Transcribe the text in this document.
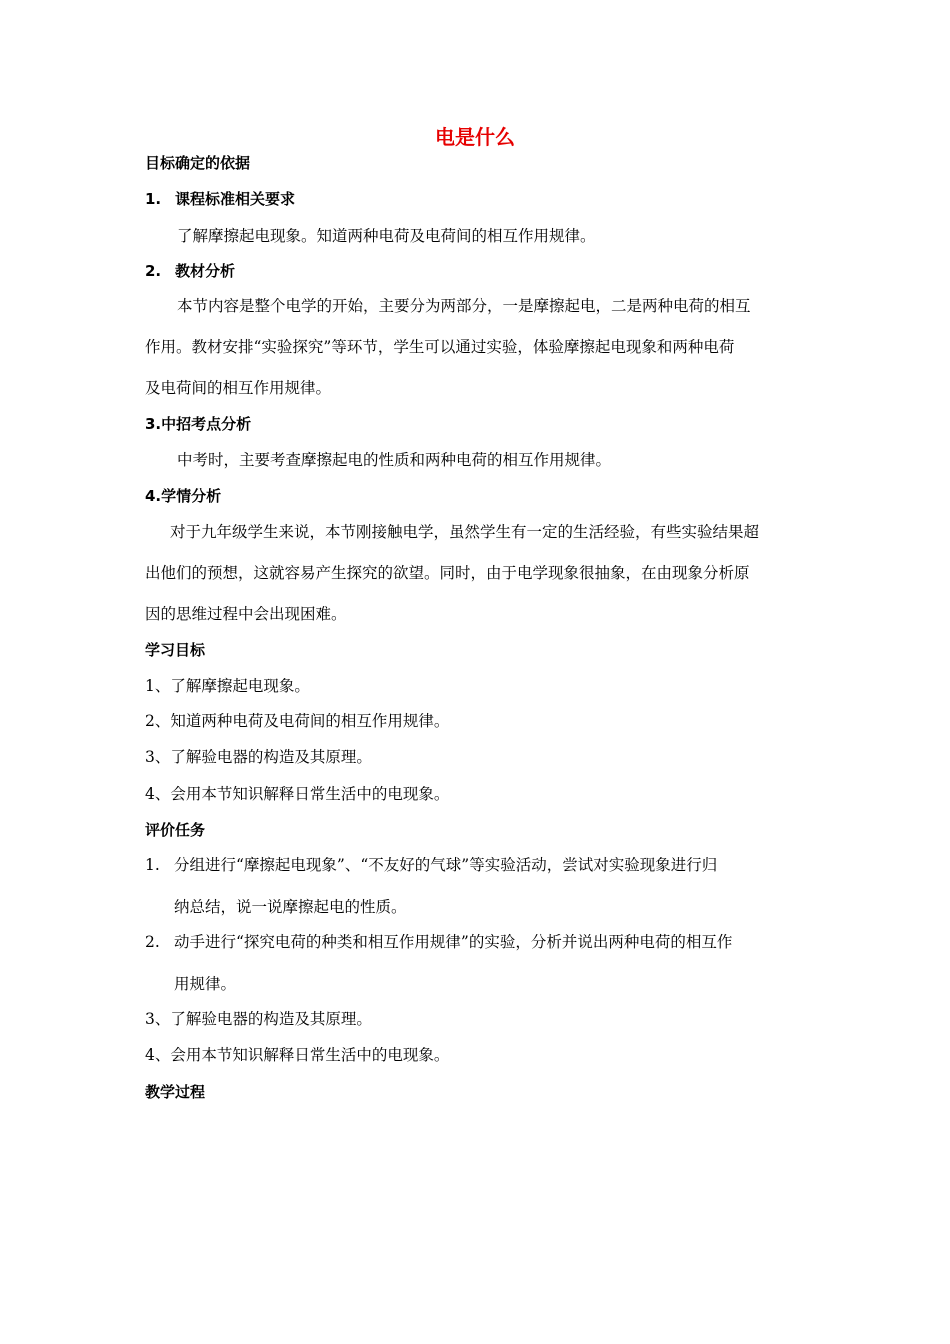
电是什么
目标确定的依据
1. 课程标准相关要求
了解摩擦起电现象。知道两种电荷及电荷间的相互作用规律。
2. 教材分析
本节内容是整个电学的开始，主要分为两部分，一是摩擦起电，二是两种电荷的相互
作用。教材安排“实验探究”等环节，学生可以通过实验，体验摩擦起电现象和两种电荷
及电荷间的相互作用规律。
3.中招考点分析
中考时，主要考查摩擦起电的性质和两种电荷的相互作用规律。
4.学情分析
对于九年级学生来说，本节刚接触电学，虽然学生有一定的生活经验，有些实验结果超
出他们的预想，这就容易产生探究的欲望。同时，由于电学现象很抽象，在由现象分析原
因的思维过程中会出现困难。
学习目标
1、了解摩擦起电现象。
2、知道两种电荷及电荷间的相互作用规律。
3、了解验电器的构造及其原理。
4、会用本节知识解释日常生活中的电现象。
评价任务
1. 分组进行“摩擦起电现象”、“不友好的气球”等实验活动，尝试对实验现象进行归
纳总结，说一说摩擦起电的性质。
2. 动手进行“探究电荷的种类和相互作用规律”的实验，分析并说出两种电荷的相互作
用规律。
3、了解验电器的构造及其原理。
4、会用本节知识解释日常生活中的电现象。
教学过程
